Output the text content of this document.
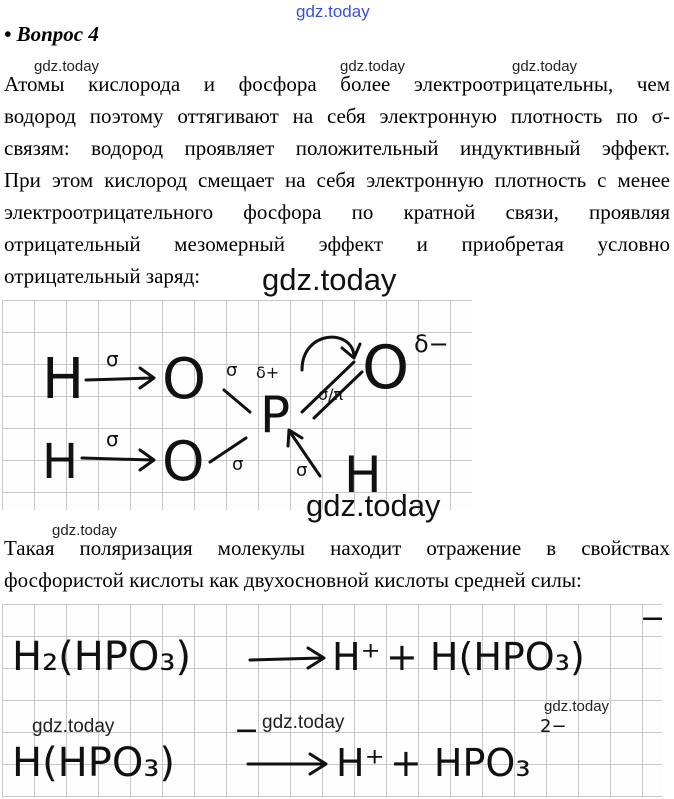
gdz.today
• Вопрос 4
gdz.today	gdz.today	gdz.today
Атомы кислорода и фосфора более электроотрицательны, чем
водород поэтому оттягивают на себя электронную плотность по σ-
связям: водород проявляет положительный индуктивный эффект.
При этом кислород смещает на себя электронную плотность с менее
электроотрицательного фосфора по кратной связи, проявляя
отрицательный мезомерный эффект и приобретая условно
отрицательный заряд:	gdz.today
H O
P
O
H O	H
σ	σ
σ
σ/π
σ
σ
δ+
δ−
gdz.today
gdz.today
Такая поляризация молекулы находит отражение в свойствах
фосфористой кислоты как двухосновной кислоты средней силы:
H₂(HPO₃)	H⁺ + H(HPO₃)
−
H(HPO₃)
−
H⁺ + HPO₃
2−
gdz.today
gdz.today	gdz.today
